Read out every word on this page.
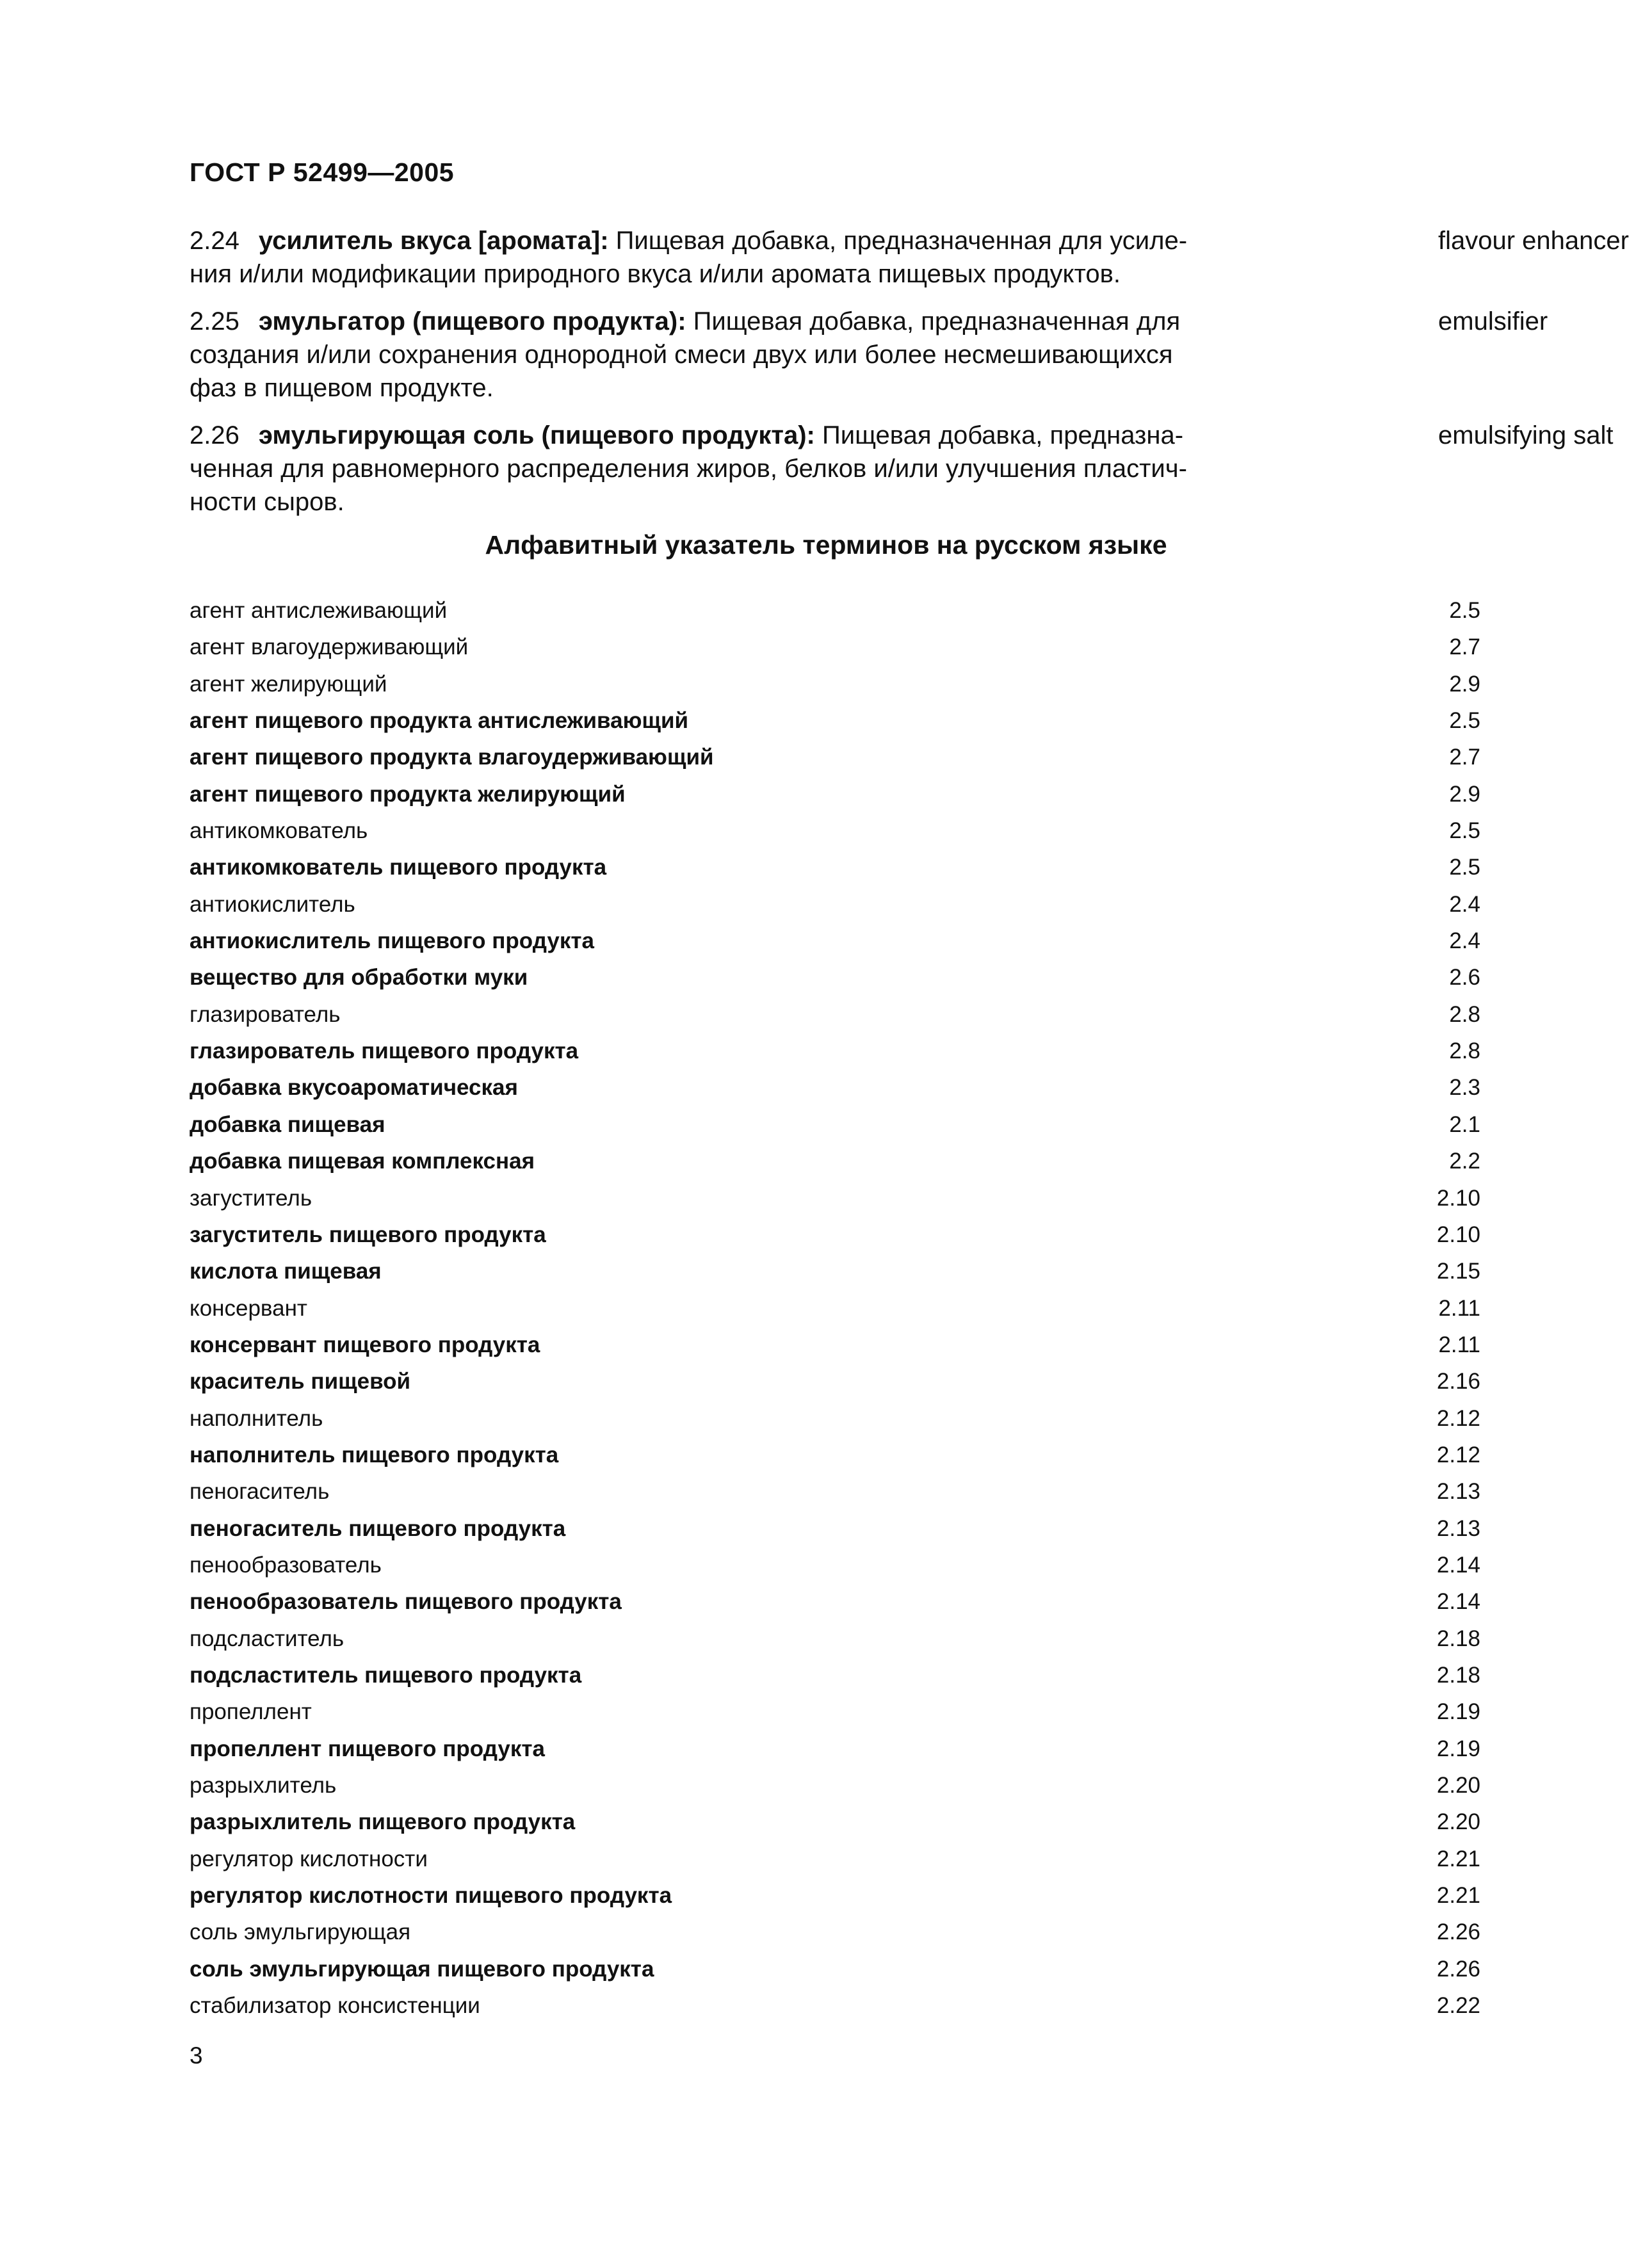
ГОСТ Р 52499—2005
2.24 усилитель вкуса [аромата]: Пищевая добавка, предназначенная для усиле-
ния и/или модификации природного вкуса и/или аромата пищевых продуктов.
flavour enhancer
2.25 эмульгатор (пищевого продукта): Пищевая добавка, предназначенная для
создания и/или сохранения однородной смеси двух или более несмешивающихся
фаз в пищевом продукте.
emulsifier
2.26 эмульгирующая соль (пищевого продукта): Пищевая добавка, предназна-
ченная для равномерного распределения жиров, белков и/или улучшения пластич-
ности сыров.
emulsifying salt
Алфавитный указатель терминов на русском языке
агент антислеживающий	2.5
агент влагоудерживающий	2.7
агент желирующий	2.9
агент пищевого продукта антислеживающий	2.5
агент пищевого продукта влагоудерживающий	2.7
агент пищевого продукта желирующий	2.9
антикомкователь	2.5
антикомкователь пищевого продукта	2.5
антиокислитель	2.4
антиокислитель пищевого продукта	2.4
вещество для обработки муки	2.6
глазирователь	2.8
глазирователь пищевого продукта	2.8
добавка вкусоароматическая	2.3
добавка пищевая	2.1
добавка пищевая комплексная	2.2
загуститель	2.10
загуститель пищевого продукта	2.10
кислота пищевая	2.15
консервант	2.11
консервант пищевого продукта	2.11
краситель пищевой	2.16
наполнитель	2.12
наполнитель пищевого продукта	2.12
пеногаситель	2.13
пеногаситель пищевого продукта	2.13
пенообразователь	2.14
пенообразователь пищевого продукта	2.14
подсластитель	2.18
подсластитель пищевого продукта	2.18
пропеллент	2.19
пропеллент пищевого продукта	2.19
разрыхлитель	2.20
разрыхлитель пищевого продукта	2.20
регулятор кислотности	2.21
регулятор кислотности пищевого продукта	2.21
соль эмульгирующая	2.26
соль эмульгирующая пищевого продукта	2.26
стабилизатор консистенции	2.22
3
